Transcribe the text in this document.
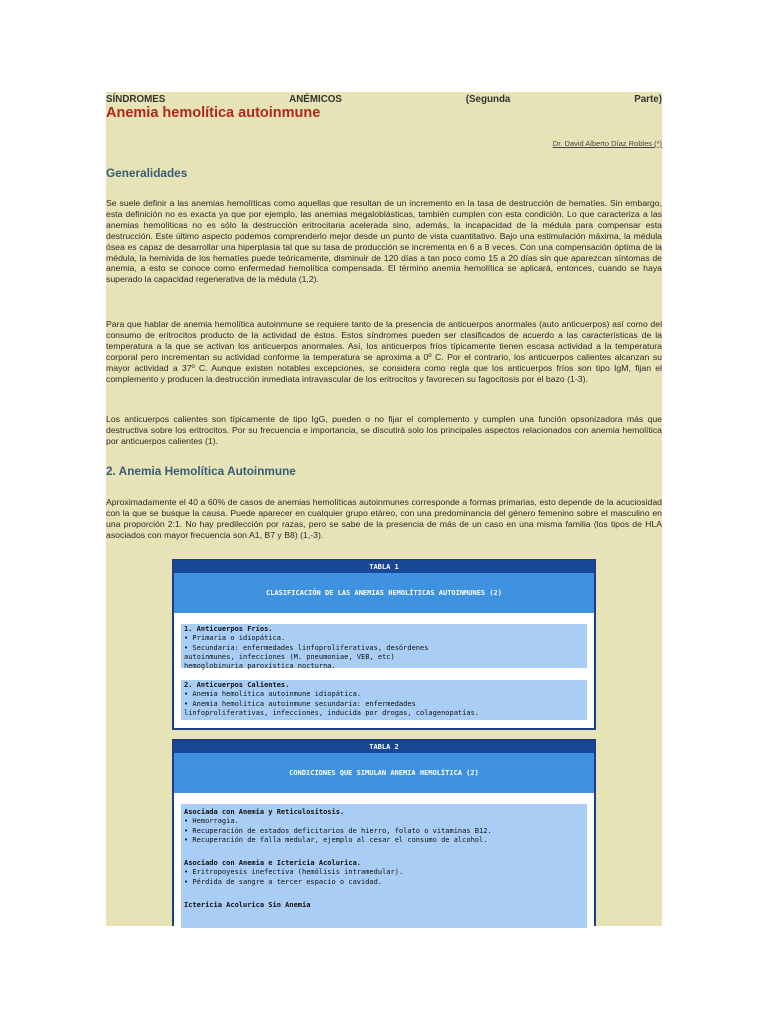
SÍNDROMES	ANÉMICOS	(Segunda	Parte)
Anemia hemolítica autoinmune
Dr. David Alberto Díaz Robles (*)
Generalidades
Se suele definir a las anemias hemolíticas como aquellas que resultan de un incremento en la tasa de destrucción de hematíes. Sin embargo, esta definición no es exacta ya que por ejemplo, las anemias megaloblásticas, también cumplen con esta condición. Lo que caracteriza a las anemias hemolíticas no es sólo la destrucción eritrocitaria acelerada sino, además, la incapacidad de la médula para compensar esta destrucción. Este último aspecto podemos comprenderlo mejor desde un punto de vista cuantitativo. Bajo una estimulación máxima, la médula ósea es capaz de desarrollar una hiperplasia tal que su tasa de producción se incrementa en 6 a 8 veces. Con una compensación óptima de la médula, la hemivida de los hematíes puede teóricamente, disminuir de 120 días a tan poco como 15 a 20 días sin que aparezcan síntomas de anemia, a esto se conoce como enfermedad hemolítica compensada. El término anemia hemolítica se aplicará, entonces, cuando se haya superado la capacidad regenerativa de la médula (1,2).
Para que hablar de anemia hemolítica autoinmune se requiere tanto de la presencia de anticuerpos anormales (auto anticuerpos) así como del consumo de eritrocitos producto de la actividad de éstos. Estos síndromes pueden ser clasificados de acuerdo a las características de la temperatura a la que se activan los anticuerpos anormales. Así, los anticuerpos fríos típicamente tienen escasa actividad a la temperatura corporal pero incrementan su actividad conforme la temperatura se aproxima a 0º C. Por el contrario, los anticuerpos calientes alcanzan su mayor actividad a 37º C. Aunque existen notables excepciones, se considera como regla que los anticuerpos fríos son tipo IgM, fijan el complemento y producen la destrucción inmediata intravascular de los eritrocitos y favorecen su fagocitosis por el bazo (1-3).
Los anticuerpos calientes son típicamente de tipo IgG, pueden o no fijar el complemento y cumplen una función opsonizadora más que destructiva sobre los eritrocitos. Por su frecuencia e importancia, se discutirá solo los principales aspectos relacionados con anemia hemolítica por anticuerpos calientes (1).
2. Anemia Hemolítica Autoinmune
Aproximadamente el 40 a 60% de casos de anemias hemolíticas autoinmunes corresponde a formas primarias, esto depende de la acuciosidad con la que se busque la causa. Puede aparecer en cualquier grupo etáreo, con una predominancia del género femenino sobre el masculino en una proporción 2:1. No hay predilección por razas, pero se sabe de la presencia de más de un caso en una misma familia (los tipos de HLA asociados con mayor frecuencia son A1, B7 y B8) (1,-3).
TABLA 1
CLASIFICACIÓN DE LAS ANEMIAS HEMOLÍTICAS AUTOINMUNES (2)
1. Anticuerpos Fríos.
• Primaria o idiopática.
• Secundaria: enfermedades linfoproliferativas, desórdenes
autoinmunes, infecciones (M. pneumoniae, VEB, etc)
hemoglobinuria paroxística nocturna.
2. Anticuerpos Calientes.
• Anemia hemolítica autoinmune idiopática.
• Anemia hemolítica autoinmune secundaria: enfermedades
linfoproliferativas, infecciones, inducida por drogas, colagenopatías.
TABLA 2
CONDICIONES QUE SIMULAN ANEMIA HEMOLÍTICA (2)
Asociada con Anemia y Reticulositosis.
• Hemorragia.
• Recuperación de estados deficitarios de hierro, folato o vitaminas B12.
• Recuperación de falla medular, ejemplo al cesar el consumo de alcohol.
Asociado con Anemia e Ictericia Acolurica.
• Eritropoyesis inefectiva (hemólisis intramedular).
• Pérdida de sangre a tercer espacio o cavidad.
Ictericia Acolurica Sin Anemia
